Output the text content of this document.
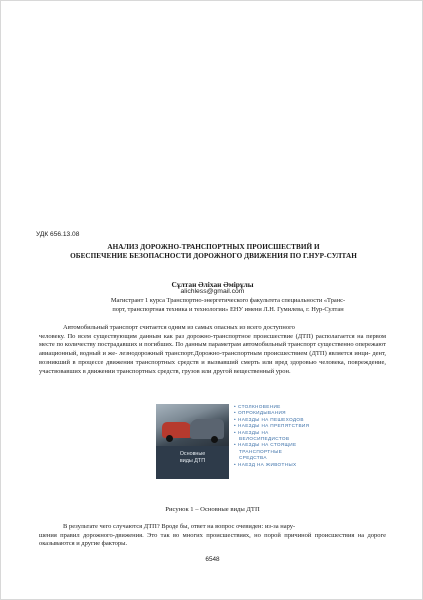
УДК 656.13.08
АНАЛИЗ ДОРОЖНО-ТРАНСПОРТНЫХ ПРОИСШЕСТВИЙ И
ОБЕСПЕЧЕНИЕ БЕЗОПАСНОСТИ ДОРОЖНОГО ДВИЖЕНИЯ ПО Г.НУР-СУЛТАН
Сұлтан Әліхан Әмірұлы
alichless@gmail.com
Магистрант 1 курса Транспортно-энергетического факультета специальности «Транс-
порт, транспортная техника и технологии» ЕНУ имени Л.Н. Гумилева, г. Нур-Султан
Автомобильный транспорт считается одним из самых опасных из всего доступного
человеку. По всем существующим данным как раз дорожно-транспортное происшествие (ДТП) располагается на первом месте по количеству пострадавших и погибших. По данным параметрам автомобильный транспорт существенно опережают авиационный, водный и же- лезнодорожный транспорт.Дорожно-транспортным происшествием (ДТП) является инци- дент, возникший в процессе движения транспортных средств и вызвавший смерть или вред здоровью человека, повреждение, участвовавших в движении транспортных средств, грузов или другой вещественный урон.
Основные
виды ДТП
• СТОЛКНОВЕНИЕ
• ОПРОКИДЫВАНИЯ
• НАЕЗДЫ НА ПЕШЕХОДОВ
• НАЕЗДЫ НА ПРЕПЯТСТВИЯ
• НАЕЗДЫ НА
ВЕЛОСИПЕДИСТОВ
• НАЕЗДЫ НА СТОЯЩИЕ
ТРАНСПОРТНЫЕ
СРЕДСТВА
• НАЕЗД НА ЖИВОТНЫХ
Рисунок 1 – Основные виды ДТП
В результате чего случаются ДТП? Вроде бы, ответ на вопрос очевиден: из-за нару-
шения правил дорожного-движения. Это так во многих происшествиях, но порой причиной происшествия на дороге оказываются и другие факторы.
6548
